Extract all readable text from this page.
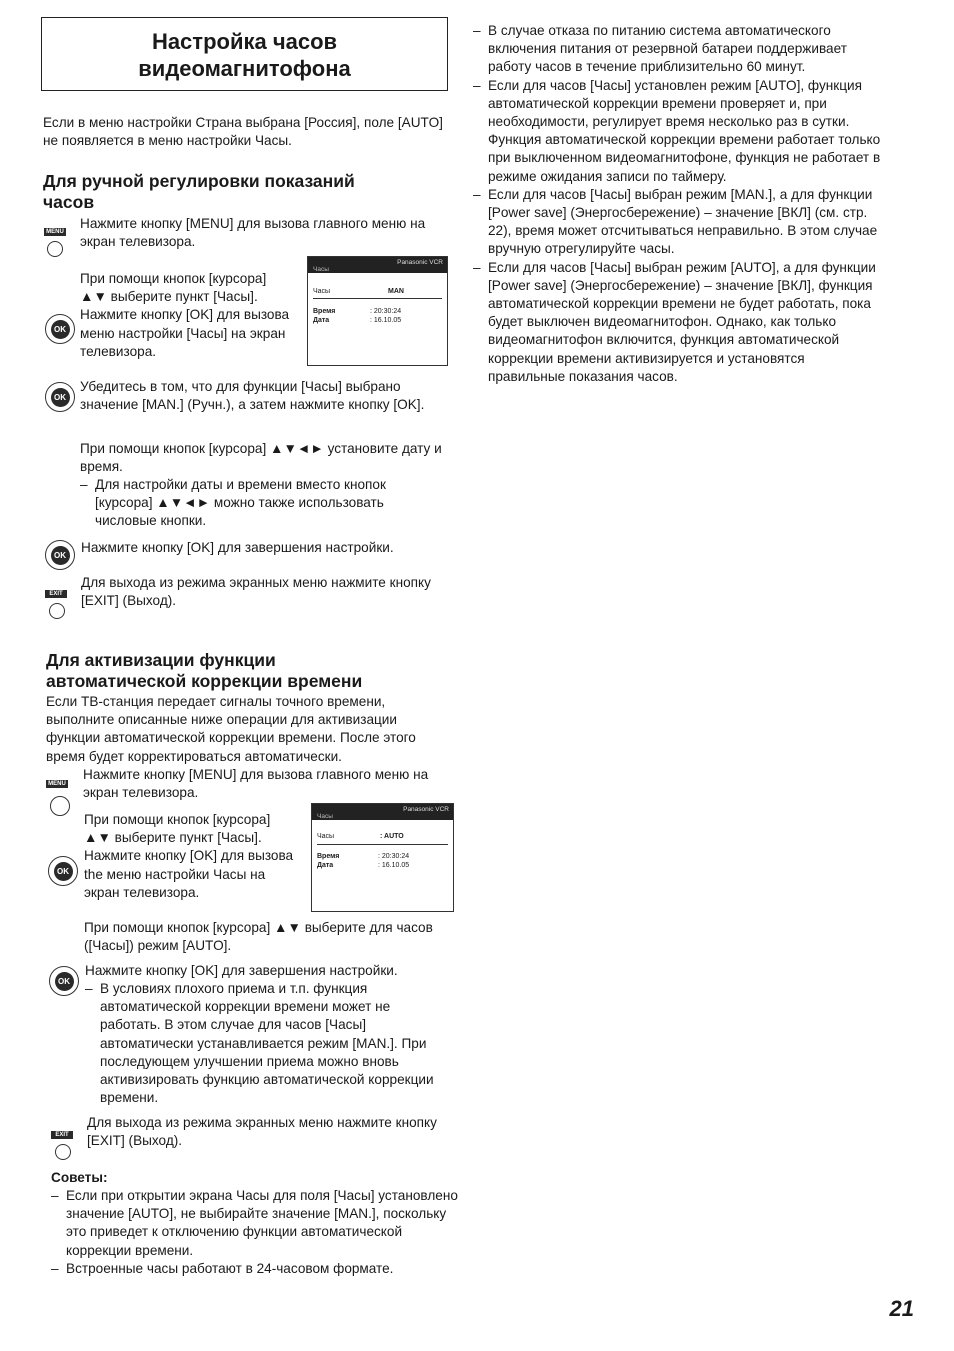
Настройка часов
видеомагнитофона

Если в меню настройки Страна выбрана [Россия], поле [AUTO] не появляется в меню настройки Часы.

Для ручной регулировки показаний
часов
MENU

Нажмите кнопку [MENU] для вызова главного меню на экран телевизора.

При помощи кнопок [курсора] ▲▼ выберите пункт [Часы]. Нажмите кнопку [OK] для вызова меню настройки [Часы] на экран телевизора.

OK
Panasonic VCR
Часы
Часы	MAN
Время	: 20:30:24
Дата	: 16.10.05
OK

Убедитесь в том, что для функции [Часы] выбрано значение [MAN.] (Ручн.), а затем нажмите кнопку [OK].

При помощи кнопок [курсора] ▲▼◄► установите дату и время.

– Для настройки даты и времени вместо кнопок [курсора] ▲▼◄► можно также использовать числовые кнопки.
OK Нажмите кнопку [OK] для завершения настройки.

EXIT

Для выхода из режима экранных меню нажмите кнопку [EXIT] (Выход).

Для активизации функции
автоматической коррекции времени

Если ТВ-станция передает сигналы точного времени, выполните описанные ниже операции для активизации функции автоматической коррекции времени. После этого время будет корректироваться автоматически.

MENU

Нажмите кнопку [MENU] для вызова главного меню на экран телевизора.

При помощи кнопок [курсора] ▲▼ выберите пункт [Часы]. Нажмите кнопку [OK] для вызова the меню настройки Часы на экран телевизора.

OK
Panasonic VCR
Часы
Часы	: AUTO
Время	: 20:30:24
Дата	: 16.10.05

При помощи кнопок [курсора] ▲▼ выберите для часов ([Часы]) режим [AUTO].

OK

Нажмите кнопку [OK] для завершения настройки.

– В условиях плохого приема и т.п. функция автоматической коррекции времени может не работать. В этом случае для часов [Часы] автоматически устанавливается режим [MAN.]. При последующем улучшении приема можно вновь активизировать функцию автоматической коррекции времени.
EXIT

Для выхода из режима экранных меню нажмите кнопку [EXIT] (Выход).

Советы:
– Если при открытии экрана Часы для поля [Часы] установлено значение [AUTO], не выбирайте значение [MAN.], поскольку это приведет к отключению функции автоматической коррекции времени.
– Встроенные часы работают в 24-часовом формате.
– В случае отказа по питанию система автоматического включения питания от резервной батареи поддерживает работу часов в течение приблизительно 60 минут.
– Если для часов [Часы] установлен режим [AUTO], функция автоматической коррекции времени проверяет и, при необходимости, регулирует время несколько раз в сутки.
Функция автоматической коррекции времени работает только при выключенном видеомагнитофоне, функция не работает в режиме ожидания записи по таймеру.
– Если для часов [Часы] выбран режим [MAN.], а для функции [Power save] (Энергосбережение) – значение [ВКЛ] (см. стр. 22), время может отсчитываться неправильно. В этом случае вручную отрегулируйте часы.
– Если для часов [Часы] выбран режим [AUTO], а для функции [Power save] (Энергосбережение) – значение [ВКЛ], функция автоматической коррекции времени не будет работать, пока будет выключен видеомагнитофон. Однако, как только видеомагнитофон включится, функция автоматической коррекции времени активизируется и установятся правильные показания часов.
21
